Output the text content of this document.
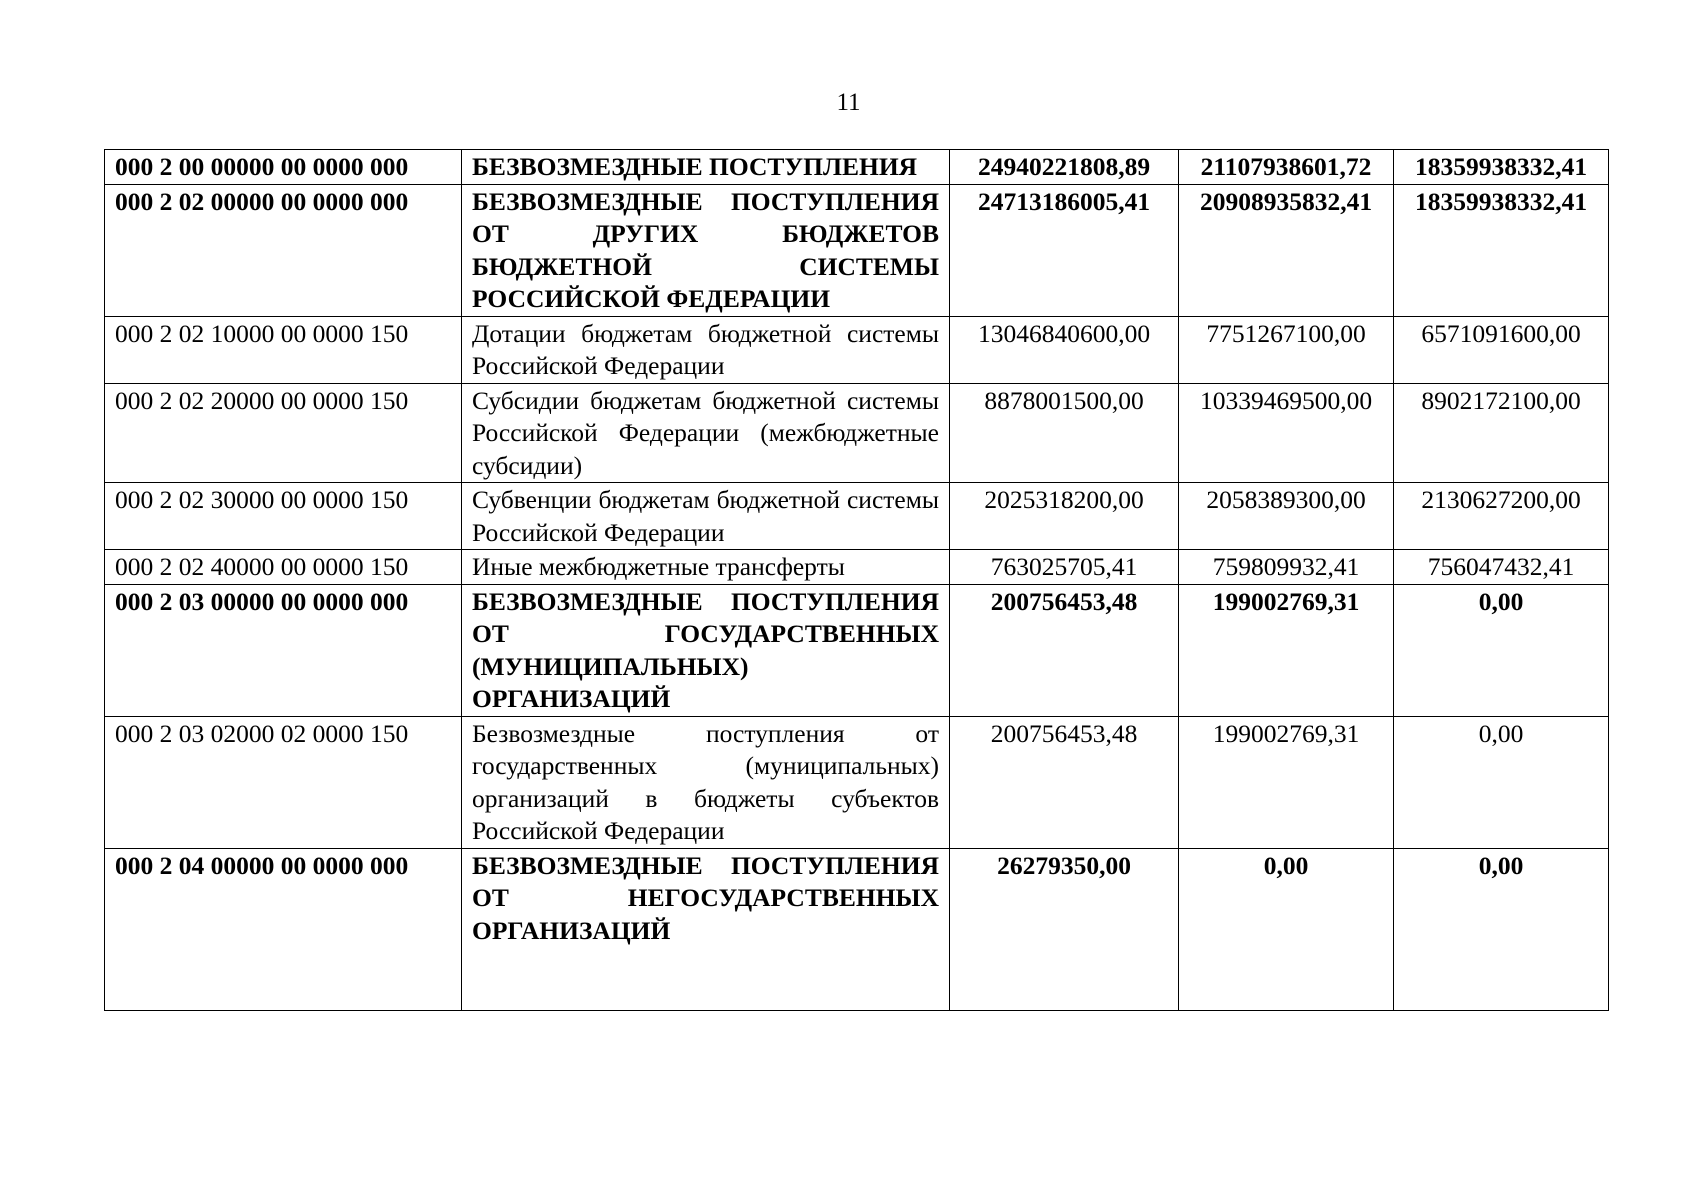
11
000 2 00 00000 00 0000 000	БЕЗВОЗМЕЗДНЫЕ ПОСТУПЛЕНИЯ	24940221808,89	21107938601,72	18359938332,41
000 2 02 00000 00 0000 000	БЕЗВОЗМЕЗДНЫЕ ПОСТУПЛЕНИЯ ОТ ДРУГИХ БЮДЖЕТОВ БЮДЖЕТНОЙ СИСТЕМЫ РОССИЙСКОЙ ФЕДЕРАЦИИ	24713186005,41	20908935832,41	18359938332,41
000 2 02 10000 00 0000 150	Дотации бюджетам бюджетной системы Российской Федерации	13046840600,00	7751267100,00	6571091600,00
000 2 02 20000 00 0000 150	Субсидии бюджетам бюджетной системы Российской Федерации (межбюджетные субсидии)	8878001500,00	10339469500,00	8902172100,00
000 2 02 30000 00 0000 150	Субвенции бюджетам бюджетной системы Российской Федерации	2025318200,00	2058389300,00	2130627200,00
000 2 02 40000 00 0000 150	Иные межбюджетные трансферты	763025705,41	759809932,41	756047432,41
000 2 03 00000 00 0000 000	БЕЗВОЗМЕЗДНЫЕ ПОСТУПЛЕНИЯ ОТ ГОСУДАРСТВЕННЫХ (МУНИЦИПАЛЬНЫХ) ОРГАНИЗАЦИЙ	200756453,48	199002769,31	0,00
000 2 03 02000 02 0000 150	Безвозмездные поступления от государственных (муниципальных) организаций в бюджеты субъектов Российской Федерации	200756453,48	199002769,31	0,00
000 2 04 00000 00 0000 000	БЕЗВОЗМЕЗДНЫЕ ПОСТУПЛЕНИЯ ОТ НЕГОСУДАРСТВЕННЫХ ОРГАНИЗАЦИЙ	26279350,00	0,00	0,00
